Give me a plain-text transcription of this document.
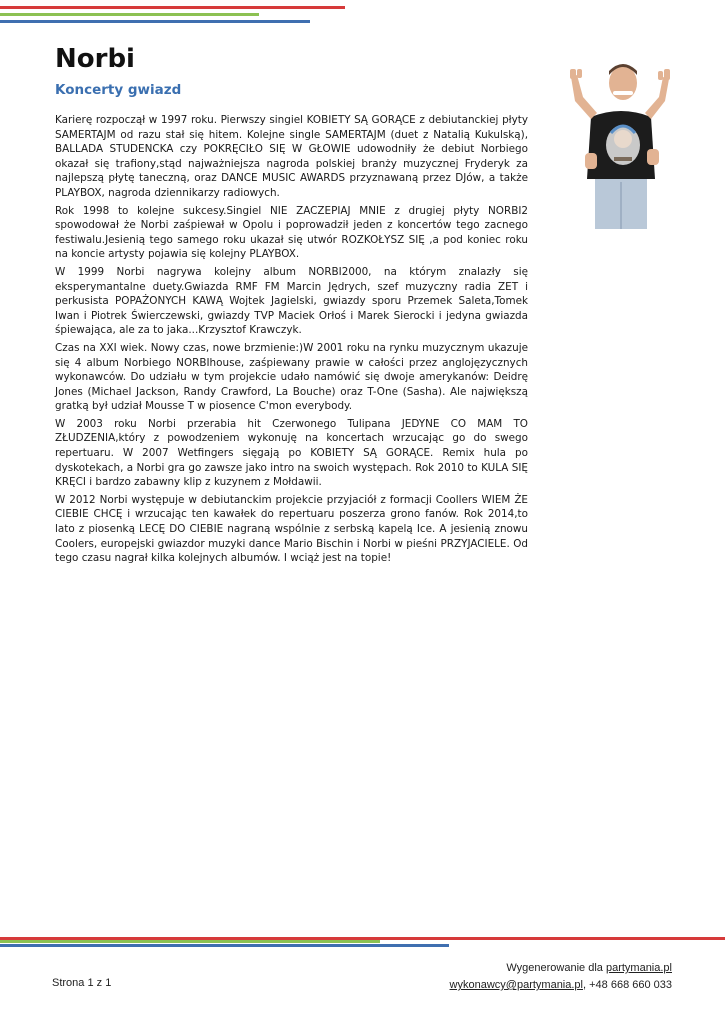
Norbi
Koncerty gwiazd

Karierę rozpoczął w 1997 roku. Pierwszy singiel KOBIETY SĄ GORĄCE z debiutanckiej płyty SAMERTAJM od razu stał się hitem. Kolejne single SAMERTAJM (duet z Natalią Kukulską), BALLADA STUDENCKA czy POKRĘCIŁO SIĘ W GŁOWIE udowodniły że debiut Norbiego okazał się trafiony,stąd najważniejsza nagroda polskiej branży muzycznej Fryderyk za najlepszą płytę taneczną, oraz DANCE MUSIC AWARDS przyznawaną przez DJów, a także PLAYBOX, nagroda dziennikarzy radiowych.

Rok 1998 to kolejne sukcesy.Singiel NIE ZACZEPIAJ MNIE z drugiej płyty NORBI2 spowodował że Norbi zaśpiewał w Opolu i poprowadził jeden z koncertów tego zacnego festiwalu.Jesienią tego samego roku ukazał się utwór ROZKOŁYSZ SIĘ ,a pod koniec roku na koncie artysty pojawia się kolejny PLAYBOX.

W 1999 Norbi nagrywa kolejny album NORBI2000, na którym znalazły się eksperymantalne duety.Gwiazda RMF FM Marcin Jędrych, szef muzyczny radia ZET i perkusista POPAŻONYCH KAWĄ Wojtek Jagielski, gwiazdy sporu Przemek Saleta,Tomek Iwan i Piotrek Świerczewski, gwiazdy TVP Maciek Orłoś i Marek Sierocki i jedyna gwiazda śpiewająca, ale za to jaka...Krzysztof Krawczyk.

Czas na XXI wiek. Nowy czas, nowe brzmienie:)W 2001 roku na rynku muzycznym ukazuje się 4 album Norbiego NORBIhouse, zaśpiewany prawie w całości przez anglojęzycznych wykonawców. Do udziału w tym projekcie udało namówić się dwoje amerykanów: Deidrę Jones (Michael Jackson, Randy Crawford, La Bouche) oraz T-One (Sasha). Ale największą gratką był udział Mousse T w piosence C'mon everybody.

W 2003 roku Norbi przerabia hit Czerwonego Tulipana JEDYNE CO MAM TO ZŁUDZENIA,który z powodzeniem wykonuję na koncertach wrzucając go do swego repertuaru. W 2007 Wetfingers sięgają po KOBIETY SĄ GORĄCE. Remix hula po dyskotekach, a Norbi gra go zawsze jako intro na swoich występach. Rok 2010 to KULA SIĘ KRĘCI i bardzo zabawny klip z kuzynem z Mołdawii.

W 2012 Norbi występuje w debiutanckim projekcie przyjaciół z formacji Coollers WIEM ŻE CIEBIE CHCĘ i wrzucając ten kawałek do repertuaru poszerza grono fanów. Rok 2014,to lato z piosenką LECĘ DO CIEBIE nagraną wspólnie z serbską kapelą Ice. A jesienią znowu Coolers, europejski gwiazdor muzyki dance Mario Bischin i Norbi w pieśni PRZYJACIELE. Od tego czasu nagrał kilka kolejnych albumów. I wciąż jest na topie!

Strona 1 z 1
Wygenerowanie dla partymania.pl
wykonawcy@partymania.pl, +48 668 660 033
